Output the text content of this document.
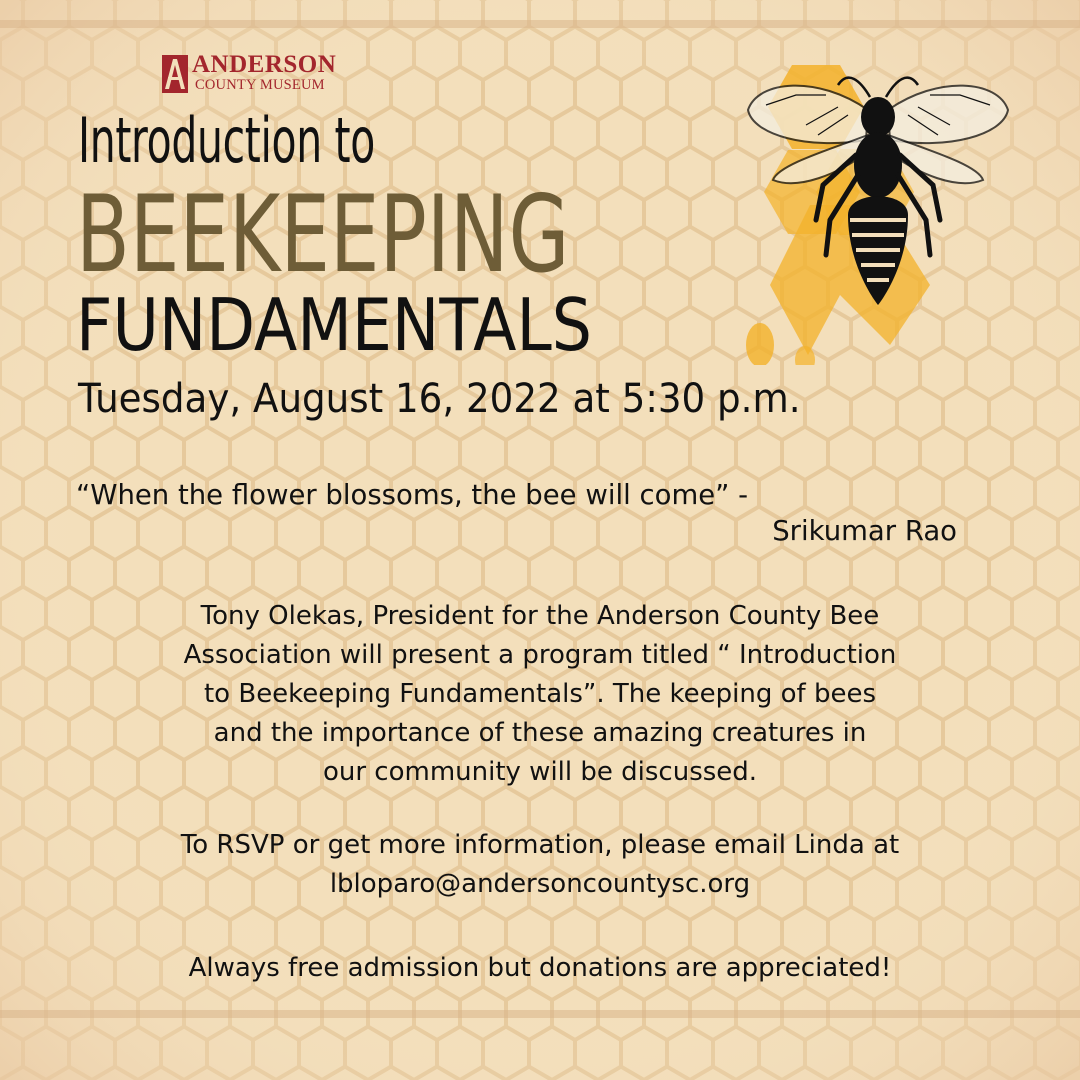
ANDERSON
COUNTY MUSEUM
Introduction to
BEEKEEPING
FUNDAMENTALS
Tuesday, August 16, 2022 at 5:30 p.m.
“When the flower blossoms, the bee will come” -
Srikumar Rao
Tony Olekas, President for the Anderson County Bee
Association will present a program titled “ Introduction
to Beekeeping Fundamentals”. The keeping of bees
and the importance of these amazing creatures in
our community will be discussed.
To RSVP or get more information, please email Linda at
lbloparo@andersoncountysc.org
Always free admission but donations are appreciated!
